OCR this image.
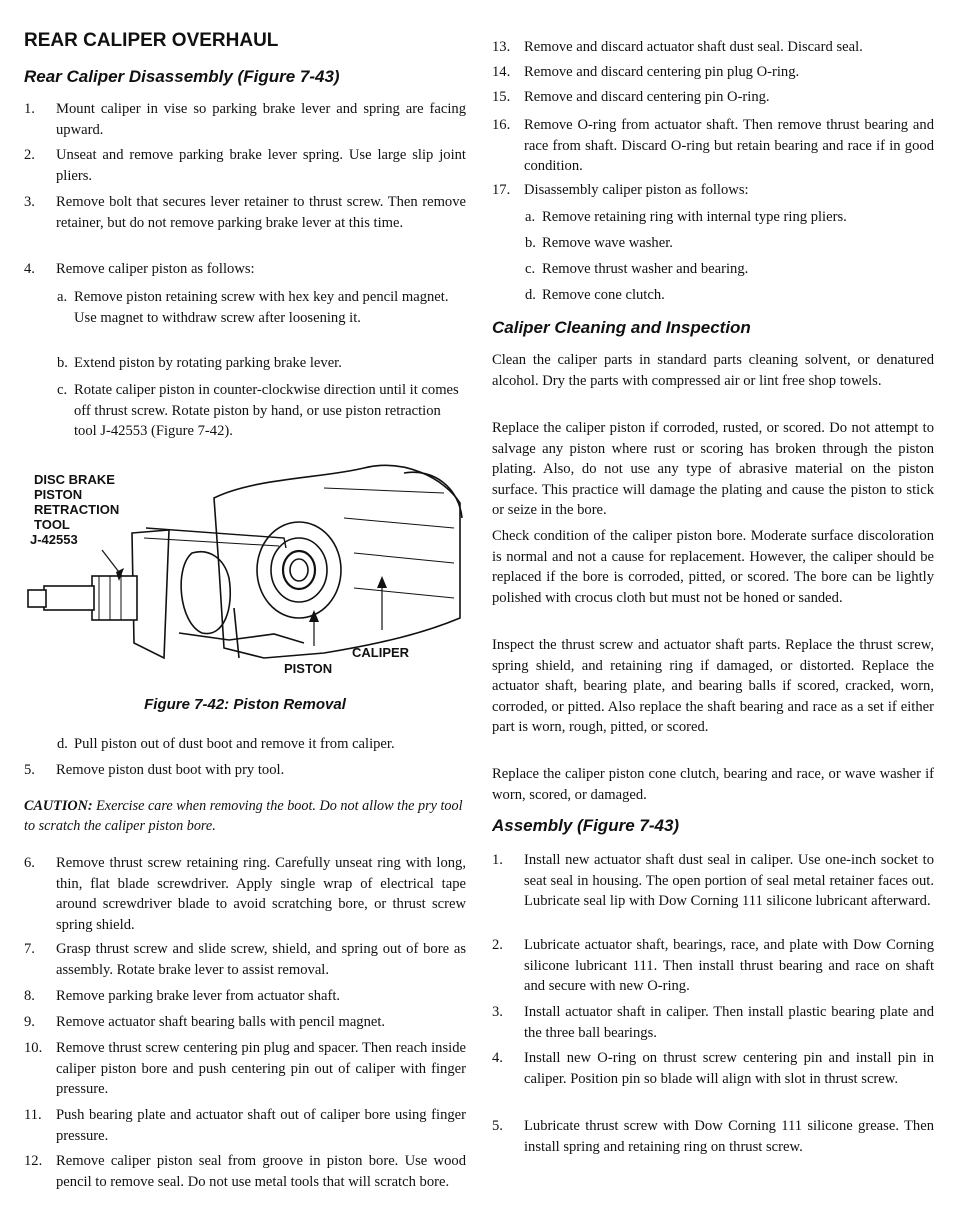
REAR CALIPER OVERHAUL
Rear Caliper Disassembly (Figure 7-43)
1.	Mount caliper in vise so parking brake lever and spring are facing upward.
2.	Unseat and remove parking brake lever spring. Use large slip joint pliers.
3.	Remove bolt that secures lever retainer to thrust screw. Then remove retainer, but do not remove parking brake lever at this time.
4.	Remove caliper piston as follows:
a. Remove piston retaining screw with hex key and pencil magnet. Use magnet to withdraw screw after loosening it.
b. Extend piston by rotating parking brake lever.
c. Rotate caliper piston in counter-clockwise direction until it comes off thrust screw. Rotate piston by hand, or use piston retraction tool J-42553 (Figure 7-42).
DISC BRAKE
PISTON
RETRACTION
TOOL
J-42553
CALIPER
PISTON
Figure 7-42: Piston Removal
d. Pull piston out of dust boot and remove it from caliper.
5.	Remove piston dust boot with pry tool.
CAUTION: Exercise care when removing the boot. Do not allow the pry tool to scratch the caliper piston bore.
6.	Remove thrust screw retaining ring. Carefully unseat ring with long, thin, flat blade screwdriver. Apply single wrap of electrical tape around screwdriver blade to avoid scratching bore, or thrust screw spring shield.
7.	Grasp thrust screw and slide screw, shield, and spring out of bore as assembly. Rotate brake lever to assist removal.
8.	Remove parking brake lever from actuator shaft.
9.	Remove actuator shaft bearing balls with pencil magnet.
10. Remove thrust screw centering pin plug and spacer. Then reach inside caliper piston bore and push centering pin out of caliper with finger pressure.
11. Push bearing plate and actuator shaft out of caliper bore using finger pressure.
12. Remove caliper piston seal from groove in piston bore. Use wood pencil to remove seal. Do not use metal tools that will scratch bore.
13. Remove and discard actuator shaft dust seal. Discard seal.
14. Remove and discard centering pin plug O-ring.
15. Remove and discard centering pin O-ring.
16. Remove O-ring from actuator shaft. Then remove thrust bearing and race from shaft. Discard O-ring but retain bearing and race if in good condition.
17. Disassembly caliper piston as follows:
a. Remove retaining ring with internal type ring pliers.
b. Remove wave washer.
c. Remove thrust washer and bearing.
d. Remove cone clutch.
Caliper Cleaning and Inspection
Clean the caliper parts in standard parts cleaning solvent, or denatured alcohol. Dry the parts with compressed air or lint free shop towels.
Replace the caliper piston if corroded, rusted, or scored. Do not attempt to salvage any piston where rust or scoring has broken through the piston plating. Also, do not use any type of abrasive material on the piston surface. This practice will damage the plating and cause the piston to stick or seize in the bore.
Check condition of the caliper piston bore. Moderate surface discoloration is normal and not a cause for replacement. However, the caliper should be replaced if the bore is corroded, pitted, or scored. The bore can be lightly polished with crocus cloth but must not be honed or sanded.
Inspect the thrust screw and actuator shaft parts. Replace the thrust screw, spring shield, and retaining ring if damaged, or distorted. Replace the actuator shaft, bearing plate, and bearing balls if scored, cracked, worn, corroded, or pitted. Also replace the shaft bearing and race as a set if either part is worn, rough, pitted, or scored.
Replace the caliper piston cone clutch, bearing and race, or wave washer if worn, scored, or damaged.
Assembly (Figure 7-43)
1.	Install new actuator shaft dust seal in caliper. Use one-inch socket to seat seal in housing. The open portion of seal metal retainer faces out. Lubricate seal lip with Dow Corning 111 silicone lubricant afterward.
2.	Lubricate actuator shaft, bearings, race, and plate with Dow Corning silicone lubricant 111. Then install thrust bearing and race on shaft and secure with new O-ring.
3.	Install actuator shaft in caliper. Then install plastic bearing plate and the three ball bearings.
4.	Install new O-ring on thrust screw centering pin and install pin in caliper. Position pin so blade will align with slot in thrust screw.
5.	Lubricate thrust screw with Dow Corning 111 silicone grease. Then install spring and retaining ring on thrust screw.
